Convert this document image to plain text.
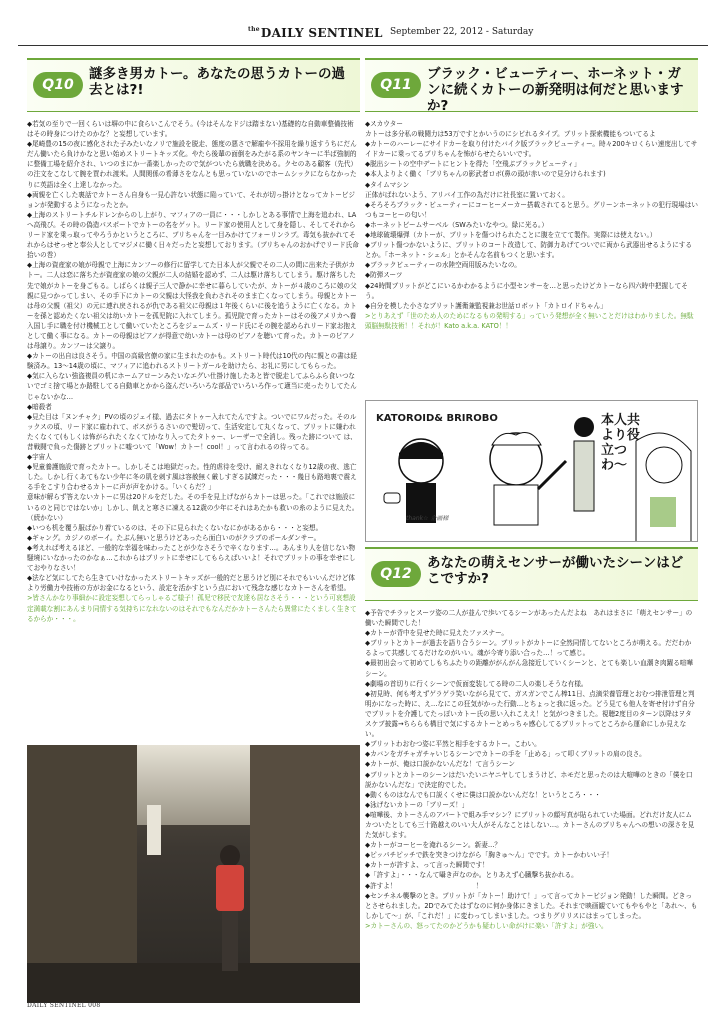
$^{the}$DAILY SENTINEL September 22, 2012 - Saturday
Q10
謎多き男カトー。あなたの思うカトーの過去とは?!

◆若気の至りで一回くらいは塀の中に食らいこんでそう。(今はそんなドジは踏まない)基礎的な自動車整備技術はその時身につけたのかな？と妄想しています。

◆尾崎豊の15の夜に感化された子みたいなノリで施設を脱走、態度の悪さで解雇や不採用を繰り返すうちにだんだん働いたら負けかなと思い始めストリートキッズ化。やたら後輩の面倒をみたがる系のヤンキーに半ば強制的に整備工場を紹介され、いつのまにか一番楽しかったので気がついたら就職を決める。クセのある顧客（先代）の注文をこなして腕を買われ渡米。人間関係の希薄さをなんとも思っていないのでホームシックにならなかったりに英語は全く上達しなかった。

◆両親を亡くした裏話でカトーさん自身も一見心許ない状態に陥っていて、それが切っ掛けとなってカトービジョンが発動するようになったとか。

◆上海のストリートチルドレンからのし上がり、マフィアの一員に・・・しかしとある事情で上海を追われ、LAへ高飛び。その時の偽造パスポートでカトーの名をゲット。リード家の使用人として身を隠し、そしてそれからリード家を乗っ取ってやろうかというところに、ブリちゃんを一目みかけてフォーリンラブ。毒気も抜かれてそれからはせっせと奉公人としてマジメに働く日々だったと妄想しております。（ブリちゃんのおかげでリード氏命拾いの巻）

◆上海の資産家の娘が母親で上海にカンフーの修行に留学してた日本人が父親でその二人の間に出来た子供がカトー。二人は恋に落ちたが資産家の娘の父親が二人の結婚を認めず、二人は駆け落ちしてしまう。駆け落ちした先で娘がカトーを身ごもる。しばらくは親子三人で静かに幸せに暮らしていたが、カトーが４歳のころに娘の父親に見つかってしまい、その手下にカトーの父親は大怪我を負わされそのまま亡くなってしまう。母親とカトーは母の父親（祖父）の元に連れ戻されるが仇である祖父に母親は１年後くらいに後を追うように亡くなる。カトーを孫と認めたくない祖父は幼いカトーを孤児院に入れてしまう。孤児院で育ったカトーはその後アメリカへ養入国し手に職を付け機械工として働いていたところをジェームズ・リード氏にその腕を認められリード家お抱えとして働く事になる。カトーの母親はピアノが得意で幼いカトーは母のピアノを聴いて育った。カトーのピアノは母譲り。カンフーは父譲り。

◆カトーの出自は良さそう。中国の高級官僚の家に生まれたのかも。ストリート時代は10代の内に親との書は経験済み。13〜14歳の頃に、マフィアに追われるストリートガールを助けたら、お礼に男にしてもらった。

◆気に入らない強盗複員の机にホームアローンみたいなエグい仕掛け施したあと皆で脱走してふらふら食いつないでゴミ捨て場とか路駐してる自動車とかから盗んだいろいろな部品でいろいろ作って適当に売ったりしてたんじゃないかな…

◆暗殺者

◆見た目は「ヌンチャク」PVの頃のジェイ様、過去にタトゥー入れてたんですよ。ついでにワルだった。そのルックスの頃、リード家に雇われて、ボスがうるさいので髪切って、生活安定して丸くなって、ブリットに嫌われたくなくて(もしくは怖がられたくなくて)かなり入ってたタトゥー、レーザーで全消し。残った跡について は、昔戦闘で負った傷跡とブリットに嘘ついて「Wow！カトー！cool！」って言われるの待ってる。

◆宇宙人

◆児童養護施設で育ったカトー。しかしそこは地獄だった。性的虐待を受け、耐えきれなくなり12歳の夜、逃亡した。しかし行くあてもない少年に冬の肌を刺す風は容赦無く厳しすぎる試練だった・・・幾日も路地裏で震える手をこすり合わせるカトーに声が声をかける。「いくらだ？」

意味が解らず答えないカトーに男は20ドルをだした。その手を見上げながらカトーは思った。「これでは施設にいるのと同じではないか」しかし、飢えと寒さに凍える12歳の少年にそれはあたかも救いの糸のように見えた。（続かない）

◆いつも机を覆う服ばかり着ているのは、その下に見られたくないなにかがあるから・・・と妄想。

◆ギャング。カジノのボーイ。たぶん無いと思うけどあったら面白いのがクラブのポールダンサー。

◆考えれば考えるほど、一般的な幸福を味わったことが少なさそうで辛くなります…。あんまり人を信じない物騒境にいなかったのかなぁ…これからはブリットに幸せにしてもらえばいいよ！それでブリットの事を幸せにしておやりなさい！

◆法など気にしてたら生きていけなかったストリートキッズが一般的だと思うけど別にそれでもいいんだけど体より労働力や技術の方がお金になるという、設定を活かすという点において残念な感じなカトーさんを希望。

>皆さんかなり事細かに設定妄想してらっしゃるご様子！孤児で移民で友達も居なさそう・・・という可哀想設定満載な割にあんまり同情する気持ちになれないのはそれでもなんだかカトーさんたら異常にたくましく生きてるからか・・・。

Q11
ブラック・ビューティー、ホーネット・ガンに続くカトーの新発明は何だと思いますか?

◆スカウター

カトーは多分私の戦闘力は53万ですとかいうのにシビれるタイプ。ブリット探索機能もついてるよ

◆カトーのハーレーにサイドカーを取り付けたバイク版ブラックビューティー。時々200キロくらい速度出してサイドカーに乗ってるブリちゃんを怖がらせたらいいです。

◆脱出シートの空中デートにヒントを得た「空飛ぶブラックビューティ」

◆本人よりよく働く「ブリちゃんの影武者ロボ(鼻の頭が赤いので見分けられます)

◆タイムマシン

正体がばれないよう、アリバイ工作の為だけに社長室に置いておく。

◆そろそろブラック・ビューティーにコーヒーメーカー搭載されてると思う。グリーンホーネットの犯行現場はいつもコーヒーの匂い！

◆ホーネットビームサーベル（SWみたいなやつ。緑に光る。）

◆地球破壊爆弾（カトーが、ブリットを傷つけられたことに腹を立てて製作。実際には使えない。）

◆ブリット傷つかないように、ブリットのコート改造して、防御力あげてついでに両から武器出せるようにするとか。「ホーネット・シェル」とかそんな名前もつくと思います。

◆ブラックビューティーの水陸空両用版みたいなの。

◆防弾スーツ

◆24時間ブリットがどこにいるかわかるように小型センサーを…と思ったけどカトーなら四六時中把握してそう。

◆自分を模した小さなブリット護衛兼監視兼お世話ロボット「カトロイドちゃん」

>とりあえず「世のため人のためになるもの発明する」っていう発想が全く無いことだけはわかりました。無駄頭脳無駄技術！！それが！Kato a.k.a. KATO！！

KATOROID& BRIROBO	本人共より役立つわ〜
thank☆ 企画様
Q12
あなたの萌えセンサーが働いたシーンはどこですか?

◆予告でチラッとスーツ姿の二人が並んで歩いてるシーンがあったんだよね　あれはまさに「萌えセンサー」の働いた瞬間でした！

◆カトーが背中を見せた時に見えたファスナー。

◆ブリットとカトーが過去を語り合うシーン。ブリットがカトーに全然同情してないところが萌える。だだわかるよって共感してるだけなのがいい。魂が今寄り添い合った…！って感じ。

◆最初出会って初めてしもちふたりの距離ががんがん急接近していくシーンと、とても楽しい血潮き肉躍る喧嘩シーン。

◆劇場の首切りに行くシーンで仮面変装してる時の二人の楽しそうな有様。

◆初見時、何も考えずゲラゲラ笑いながら見てて、ガスガンでこん棒11日、点滴栄養管理とおむつ排泄管理と判明かになった時に、え…なにこの狂気がかった行動…とちょっと我に返った。どう見ても他人を寄せ付けず自分でブリットを介護してたっぽいカトー氏の思い入れこええ！と気がつきました。視聴2度目のターン以降はヲタスケブ披露→ちららも構目で気にするカトーとめっちゃ感心してるブリットってところから運命にしか見えない。

◆ブリットわおむつ姿に平然と相手をするカトー。こわい。

◆カバンをガチャガチャいじるシーンでカトーの手を「止める」って叩くブリットの肩の良さ。

◆カトーが、俺は口説かないんだな！て言うシーン

◆ブリットとカトーのシーンはだいたいニヤニヤしてしまうけど、ホモだと思ったのは大喧嘩のときの「僕を口説かないんだな」で決定的でした。

◆動くものはなんでも口説くくせに僕は口説かないんだな！というところ・・・

◆泳げないカトーの「ブリーズ！」

◆喧嘩後、カトーさんのアパートで組み手マシン？にブリットの顔写真が貼られていた場面。どれだけ友人にムカついたとしても三十路越えのいい大人がそんなことはしない…。カトーさんのブリちゃんへの想いの深さを見た気がします。

◆カトーがコーヒーを淹れるシーン。新妻…？

◆ピッパチピッチで鉄を突きつけながら「胸きゅ〜ん」でです。カトーかわいい子！

◆カトーが許すよ、って言った瞬間です！

◆「許すよ」・・・なんて囁き声なのか。とりあえず心臓撃ち抜かれる。

◆許すよ！　　　　　　　　　　　　！

◆センチネル襲撃のとき。ブリットが「カトー！助けて！」って言ってカトービジョン発動！した瞬間。どきっとさせられました。2Dでみてたはずなのに何か身体にきました。それまで映画観ていてもやもやと「あれ〜、もしかして〜」が、「これだ！」に変わってしまいました。つまりグリリスにはまってしまった。

>カトーさんの、怒ってたのかどうかも疑わしい命がけに楽い「許すよ」が強い。

DAILY SENTINEL 008
